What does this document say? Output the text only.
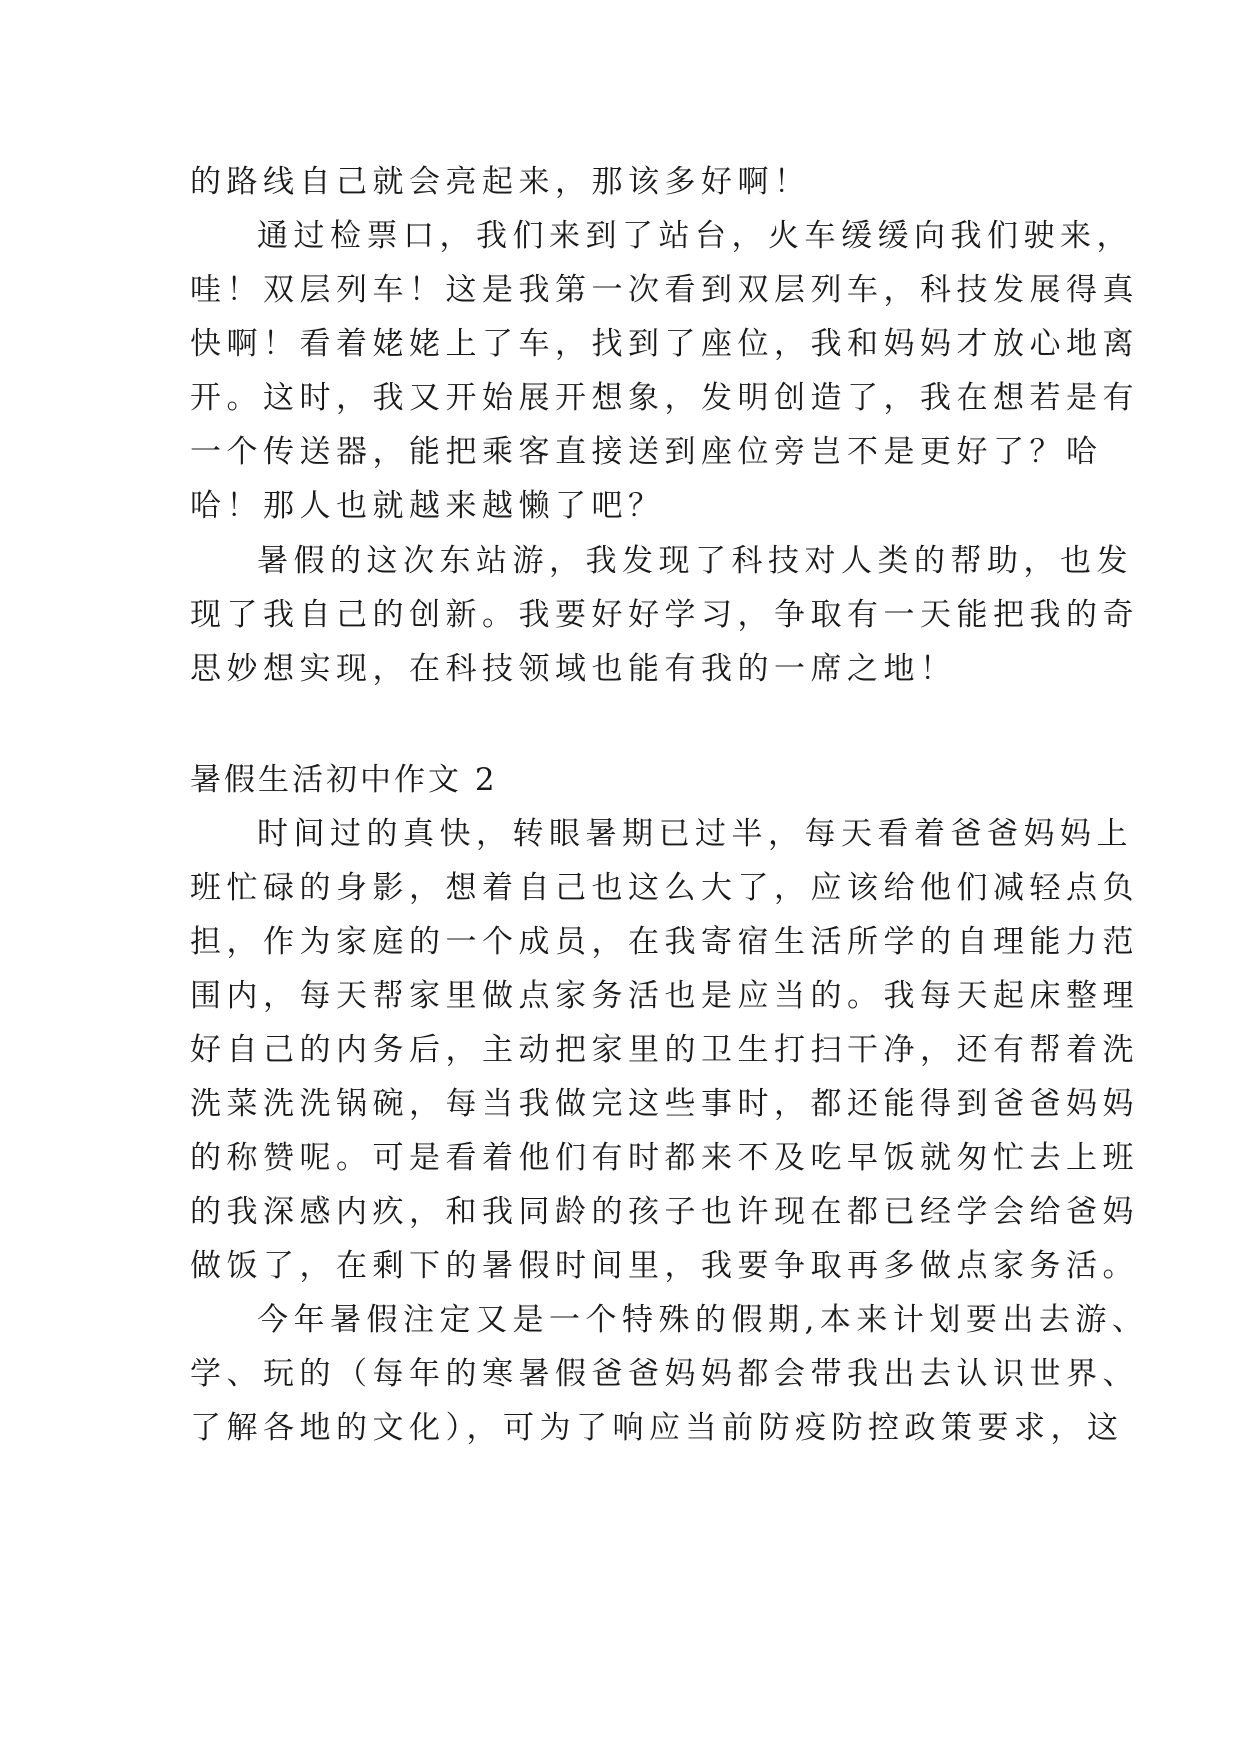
的路线自己就会亮起来，那该多好啊！
通过检票口，我们来到了站台，火车缓缓向我们驶来，
哇！双层列车！这是我第一次看到双层列车，科技发展得真
快啊！看着姥姥上了车，找到了座位，我和妈妈才放心地离
开。这时，我又开始展开想象，发明创造了，我在想若是有
一个传送器，能把乘客直接送到座位旁岂不是更好了？哈
哈！那人也就越来越懒了吧？
暑假的这次东站游，我发现了科技对人类的帮助，也发
现了我自己的创新。我要好好学习，争取有一天能把我的奇
思妙想实现，在科技领域也能有我的一席之地！
暑假生活初中作文 2
时间过的真快，转眼暑期已过半，每天看着爸爸妈妈上
班忙碌的身影，想着自己也这么大了，应该给他们减轻点负
担，作为家庭的一个成员，在我寄宿生活所学的自理能力范
围内，每天帮家里做点家务活也是应当的。我每天起床整理
好自己的内务后，主动把家里的卫生打扫干净，还有帮着洗
洗菜洗洗锅碗，每当我做完这些事时，都还能得到爸爸妈妈
的称赞呢。可是看着他们有时都来不及吃早饭就匆忙去上班
的我深感内疚，和我同龄的孩子也许现在都已经学会给爸妈
做饭了，在剩下的暑假时间里，我要争取再多做点家务活。
今年暑假注定又是一个特殊的假期,本来计划要出去游、
学、玩的（每年的寒暑假爸爸妈妈都会带我出去认识世界、
了解各地的文化），可为了响应当前防疫防控政策要求，这
